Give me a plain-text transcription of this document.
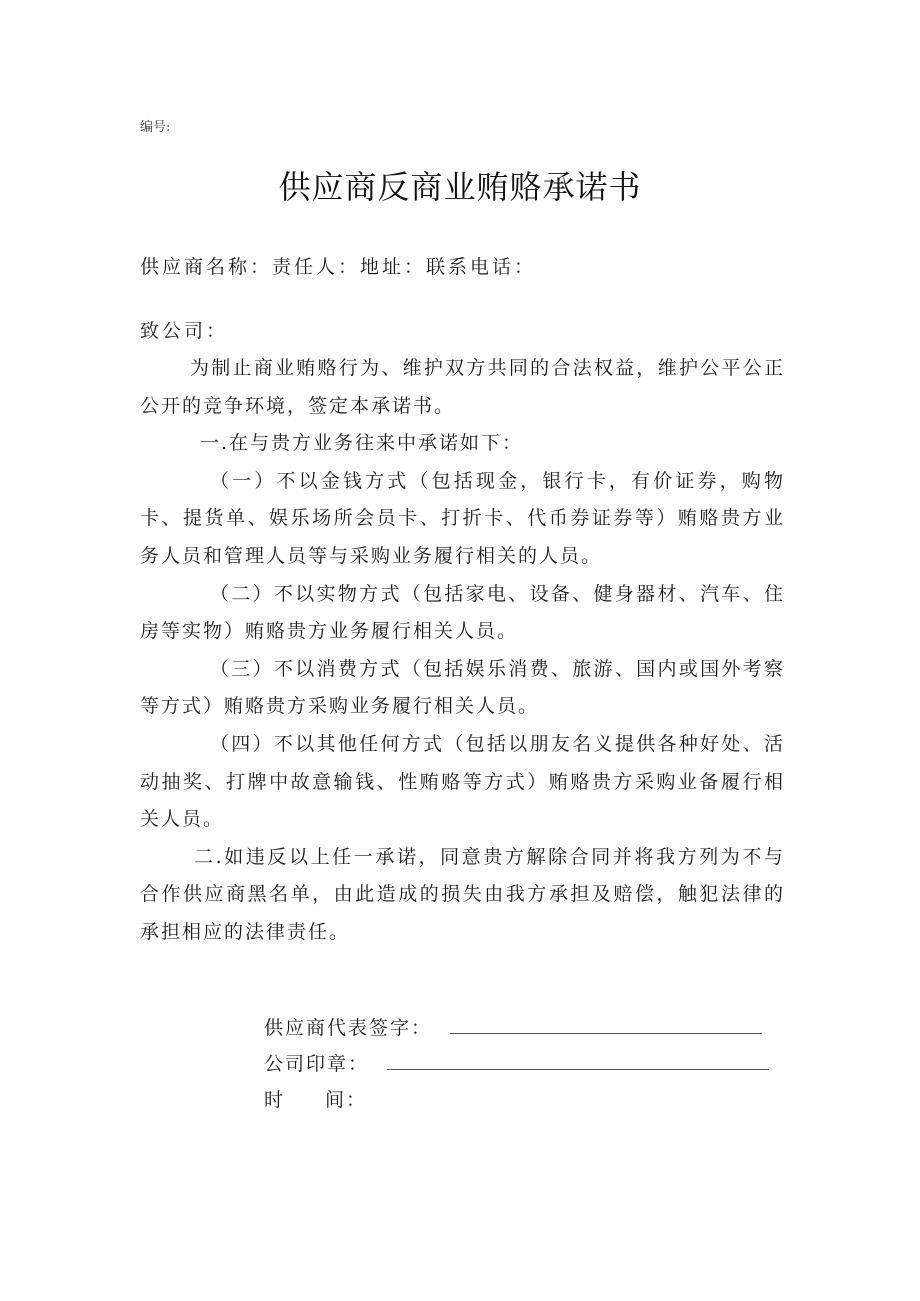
编号:
供应商反商业贿赂承诺书
供应商名称：责任人：地址：联系电话：
致公司：

为制止商业贿赂行为、维护双方共同的合法权益，维护公平公正公开的竞争环境，签定本承诺书。

一.在与贵方业务往来中承诺如下：

（一）不以金钱方式（包括现金，银行卡，有价证券，购物卡、提货单、娱乐场所会员卡、打折卡、代币券证券等）贿赂贵方业务人员和管理人员等与采购业务履行相关的人员。

（二）不以实物方式（包括家电、设备、健身器材、汽车、住房等实物）贿赂贵方业务履行相关人员。

（三）不以消费方式（包括娱乐消费、旅游、国内或国外考察等方式）贿赂贵方采购业务履行相关人员。

（四）不以其他任何方式（包括以朋友名义提供各种好处、活动抽奖、打牌中故意输钱、性贿赂等方式）贿赂贵方采购业备履行相关人员。

二.如违反以上任一承诺，同意贵方解除合同并将我方列为不与合作供应商黑名单，由此造成的损失由我方承担及赔偿，触犯法律的承担相应的法律责任。

供应商代表签字：
公司印章：
时 间：
